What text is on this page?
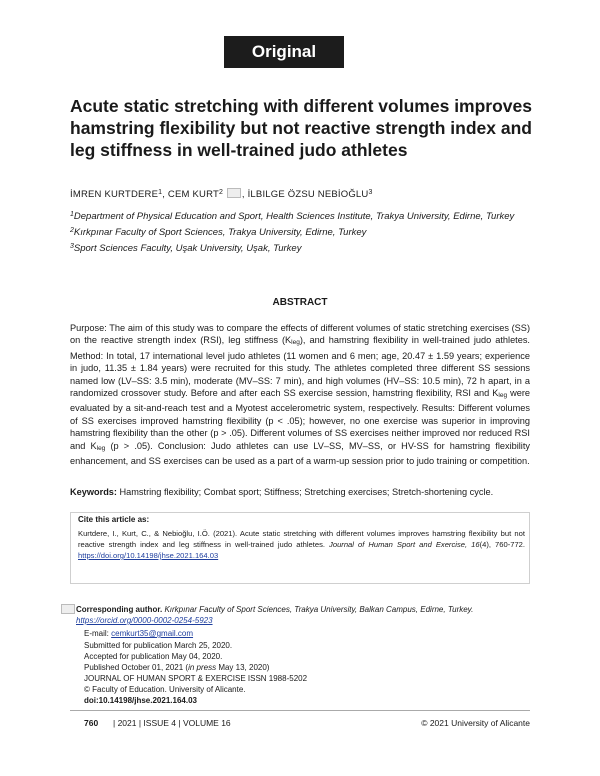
Original Article
Acute static stretching with different volumes improves hamstring flexibility but not reactive strength index and leg stiffness in well-trained judo athletes
İMREN KURTDERE$^1$, CEM KURT$^2$ , İLBILGE ÖZSU NEBİOĞLU$^3$
$^1$Department of Physical Education and Sport, Health Sciences Institute, Trakya University, Edirne, Turkey
$^2$Kırkpınar Faculty of Sport Sciences, Trakya University, Edirne, Turkey
$^3$Sport Sciences Faculty, Uşak University, Uşak, Turkey
ABSTRACT
Purpose: The aim of this study was to compare the effects of different volumes of static stretching exercises (SS) on the reactive strength index (RSI), leg stiffness (Kleg), and hamstring flexibility in well-trained judo athletes. Method: In total, 17 international level judo athletes (11 women and 6 men; age, 20.47 ± 1.59 years; experience in judo, 11.35 ± 1.84 years) were recruited for this study. The athletes completed three different SS sessions named low (LV–SS: 3.5 min), moderate (MV–SS: 7 min), and high volumes (HV–SS: 10.5 min), 72 h apart, in a randomized crossover study. Before and after each SS exercise session, hamstring flexibility, RSI and Kleg were evaluated by a sit-and-reach test and a Myotest accelerometric system, respectively. Results: Different volumes of SS exercises improved hamstring flexibility (p < .05); however, no one exercise was superior in improving hamstring flexibility than the other (p > .05). Different volumes of SS exercises neither improved nor reduced RSI and Kleg (p > .05). Conclusion: Judo athletes can use LV–SS, MV–SS, or HV-SS for hamstring flexibility enhancement, and SS exercises can be used as a part of a warm-up session prior to judo training or competition.
Keywords: Hamstring flexibility; Combat sport; Stiffness; Stretching exercises; Stretch-shortening cycle.
Cite this article as:
Kurtdere, I., Kurt, C., & Nebioğlu, I.Ö. (2021). Acute static stretching with different volumes improves hamstring flexibility but not reactive strength index and leg stiffness in well-trained judo athletes. Journal of Human Sport and Exercise, 16(4), 760-772. https://doi.org/10.14198/jhse.2021.164.03
Corresponding author. Kırkpınar Faculty of Sport Sciences, Trakya University, Balkan Campus, Edirne, Turkey.
https://orcid.org/0000-0002-0254-5923
E-mail: cemkurt35@gmail.com
Submitted for publication March 25, 2020.
Accepted for publication May 04, 2020.
Published October 01, 2021 (in press May 13, 2020)
JOURNAL OF HUMAN SPORT & EXERCISE ISSN 1988-5202
© Faculty of Education. University of Alicante.
doi:10.14198/jhse.2021.164.03
760 | 2021 | ISSUE 4 | VOLUME 16	© 2021 University of Alicante
